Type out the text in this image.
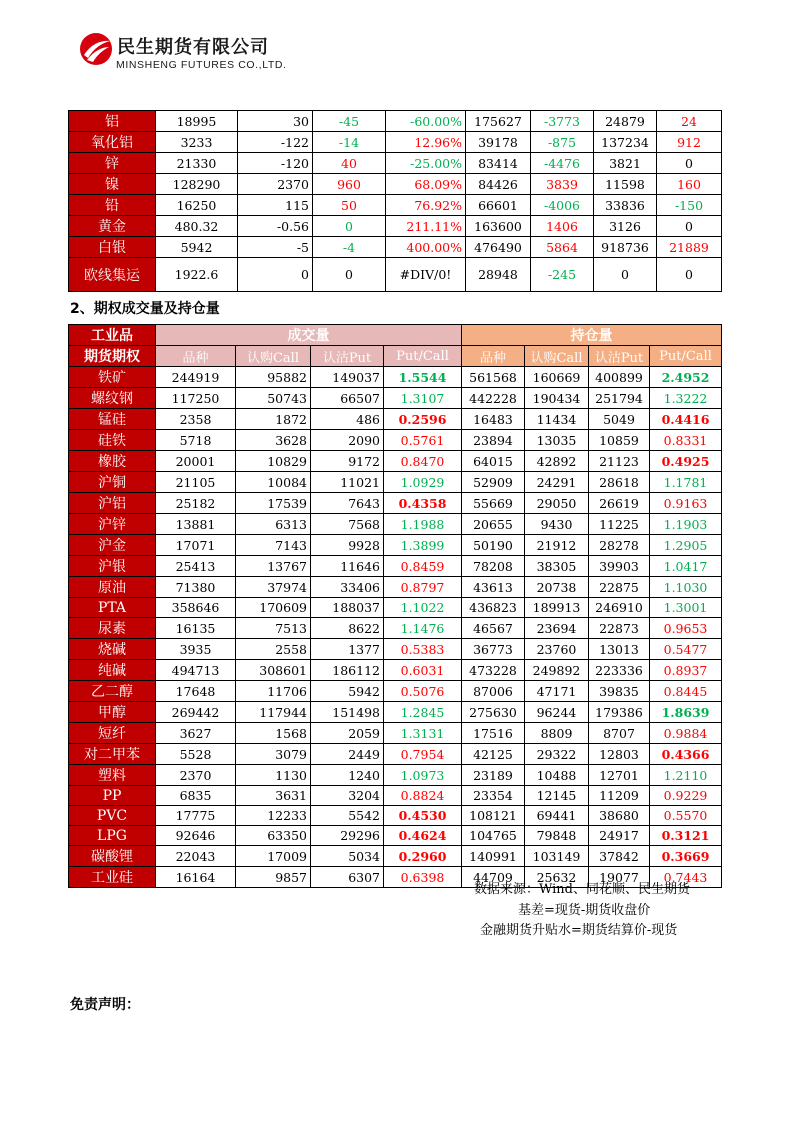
民生期货有限公司
MINSHENG FUTURES CO.,LTD.
铝	18995	30	-45	-60.00%	175627	-3773	24879	24
氧化铝	3233	-122	-14	12.96%	39178	-875	137234	912
锌	21330	-120	40	-25.00%	83414	-4476	3821	0
镍	128290	2370	960	68.09%	84426	3839	11598	160
铅	16250	115	50	76.92%	66601	-4006	33836	-150
黄金	480.32	-0.56	0	211.11%	163600	1406	3126	0
白银	5942	-5	-4	400.00%	476490	5864	918736	21889
欧线集运	1922.6	0	0	#DIV/0!	28948	-245	0	0
2、期权成交量及持仓量
工业品	成交量				持仓量			
期货期权	品种	认购Call	认沽Put	Put/Call	品种	认购Call	认沽Put	Put/Call
铁矿	244919	95882	149037	1.5544	561568	160669	400899	2.4952
螺纹钢	117250	50743	66507	1.3107	442228	190434	251794	1.3222
锰硅	2358	1872	486	0.2596	16483	11434	5049	0.4416
硅铁	5718	3628	2090	0.5761	23894	13035	10859	0.8331
橡胶	20001	10829	9172	0.8470	64015	42892	21123	0.4925
沪铜	21105	10084	11021	1.0929	52909	24291	28618	1.1781
沪铝	25182	17539	7643	0.4358	55669	29050	26619	0.9163
沪锌	13881	6313	7568	1.1988	20655	9430	11225	1.1903
沪金	17071	7143	9928	1.3899	50190	21912	28278	1.2905
沪银	25413	13767	11646	0.8459	78208	38305	39903	1.0417
原油	71380	37974	33406	0.8797	43613	20738	22875	1.1030
PTA	358646	170609	188037	1.1022	436823	189913	246910	1.3001
尿素	16135	7513	8622	1.1476	46567	23694	22873	0.9653
烧碱	3935	2558	1377	0.5383	36773	23760	13013	0.5477
纯碱	494713	308601	186112	0.6031	473228	249892	223336	0.8937
乙二醇	17648	11706	5942	0.5076	87006	47171	39835	0.8445
甲醇	269442	117944	151498	1.2845	275630	96244	179386	1.8639
短纤	3627	1568	2059	1.3131	17516	8809	8707	0.9884
对二甲苯	5528	3079	2449	0.7954	42125	29322	12803	0.4366
塑料	2370	1130	1240	1.0973	23189	10488	12701	1.2110
PP	6835	3631	3204	0.8824	23354	12145	11209	0.9229
PVC	17775	12233	5542	0.4530	108121	69441	38680	0.5570
LPG	92646	63350	29296	0.4624	104765	79848	24917	0.3121
碳酸锂	22043	17009	5034	0.2960	140991	103149	37842	0.3669
工业硅	16164	9857	6307	0.6398	44709	25632	19077	0.7443
数据来源：Wind、同花顺、民生期货
基差=现货-期货收盘价
金融期货升贴水=期货结算价-现货
免责声明：
